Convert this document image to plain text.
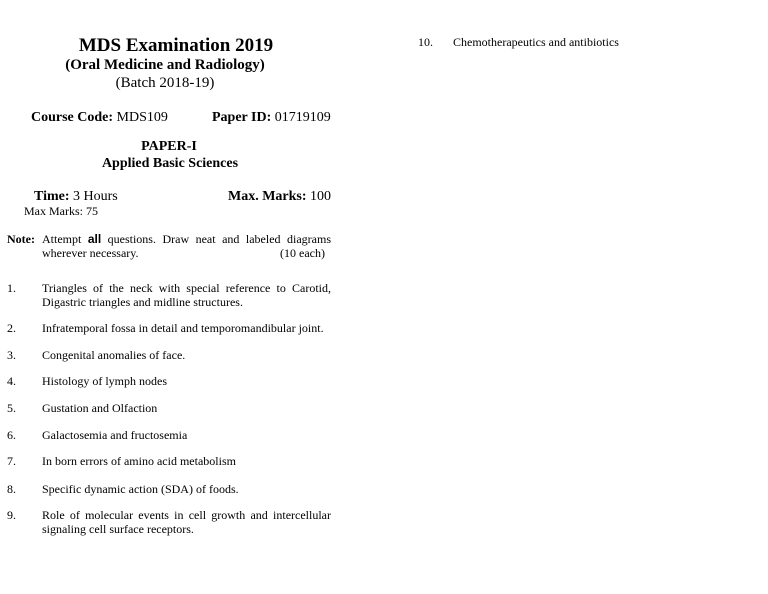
MDS Examination 2019
(Oral Medicine and Radiology)
(Batch 2018-19)
Course Code: MDS109	Paper ID: 01719109
PAPER-I
Applied Basic Sciences
Time: 3 Hours	Max. Marks: 100
Max Marks: 75
Note: Attempt all questions. Draw neat and labeled diagrams
wherever necessary.	(10 each)
1. Triangles of the neck with special reference to Carotid,
Digastric triangles and midline structures.
2. Infratemporal fossa in detail and temporomandibular joint.
3. Congenital anomalies of face.
4. Histology of lymph nodes
5. Gustation and Olfaction
6. Galactosemia and fructosemia
7. In born errors of amino acid metabolism
8. Specific dynamic action (SDA) of foods.
9. Role of molecular events in cell growth and intercellular
signaling cell surface receptors.
10. Chemotherapeutics and antibiotics
